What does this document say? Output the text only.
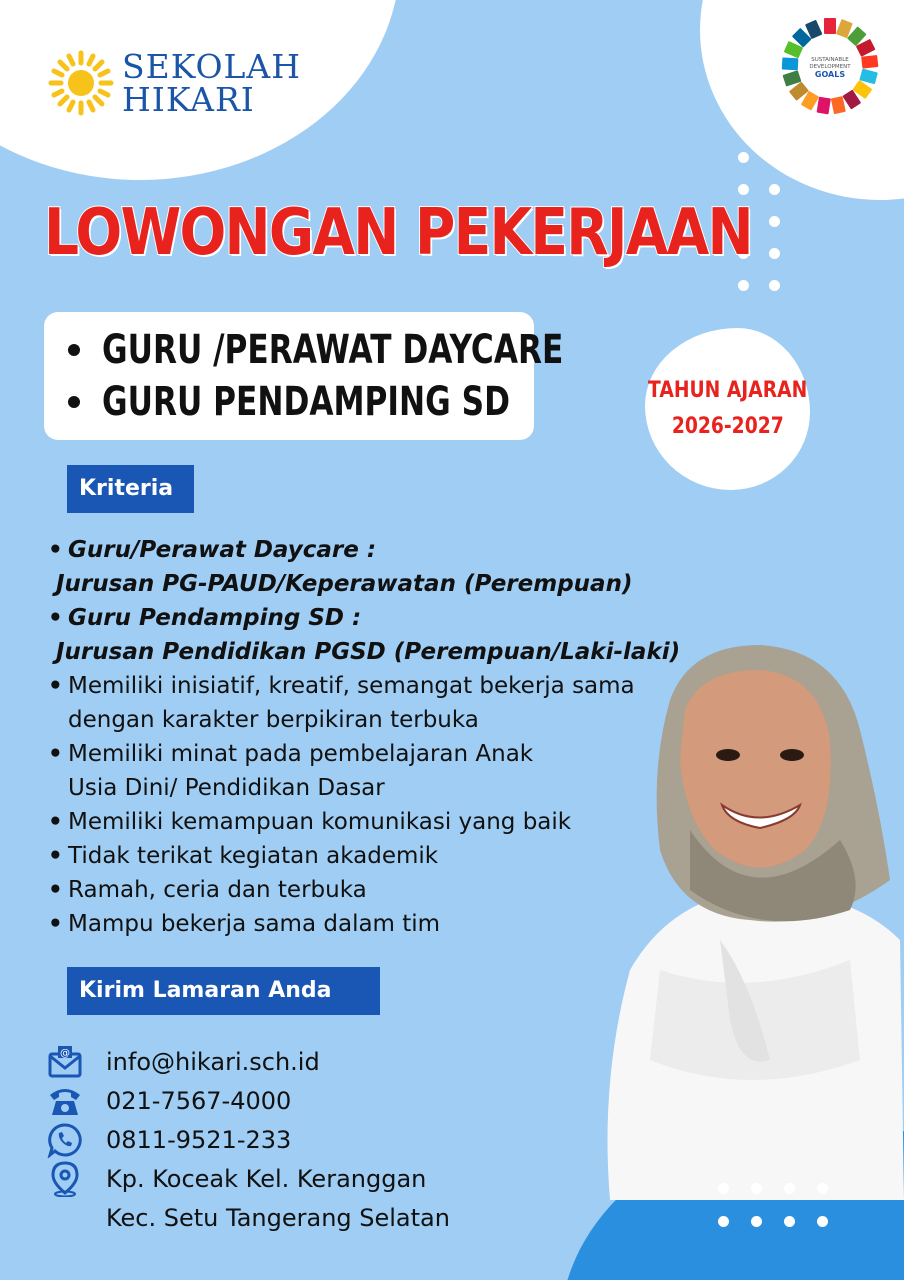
SEKOLAH
HIKARI
SUSTAINABLE
DEVELOPMENT
GOALS
LOWONGAN PEKERJAAN
GURU /PERAWAT DAYCARE
GURU PENDAMPING SD	TAHUN AJARAN
2026-2027
Kriteria
• Guru/Perawat Daycare :
Jurusan PG-PAUD/Keperawatan (Perempuan)
• Guru Pendamping SD :
Jurusan Pendidikan PGSD (Perempuan/Laki-laki)
• Memiliki inisiatif, kreatif, semangat bekerja sama
dengan karakter berpikiran terbuka
• Memiliki minat pada pembelajaran Anak
Usia Dini/ Pendidikan Dasar
• Memiliki kemampuan komunikasi yang baik
• Tidak terikat kegiatan akademik
• Ramah, ceria dan terbuka
• Mampu bekerja sama dalam tim
Kirim Lamaran Anda
@ info@hikari.sch.id
021-7567-4000
0811-9521-233
Kp. Koceak Kel. Keranggan
Kec. Setu Tangerang Selatan
